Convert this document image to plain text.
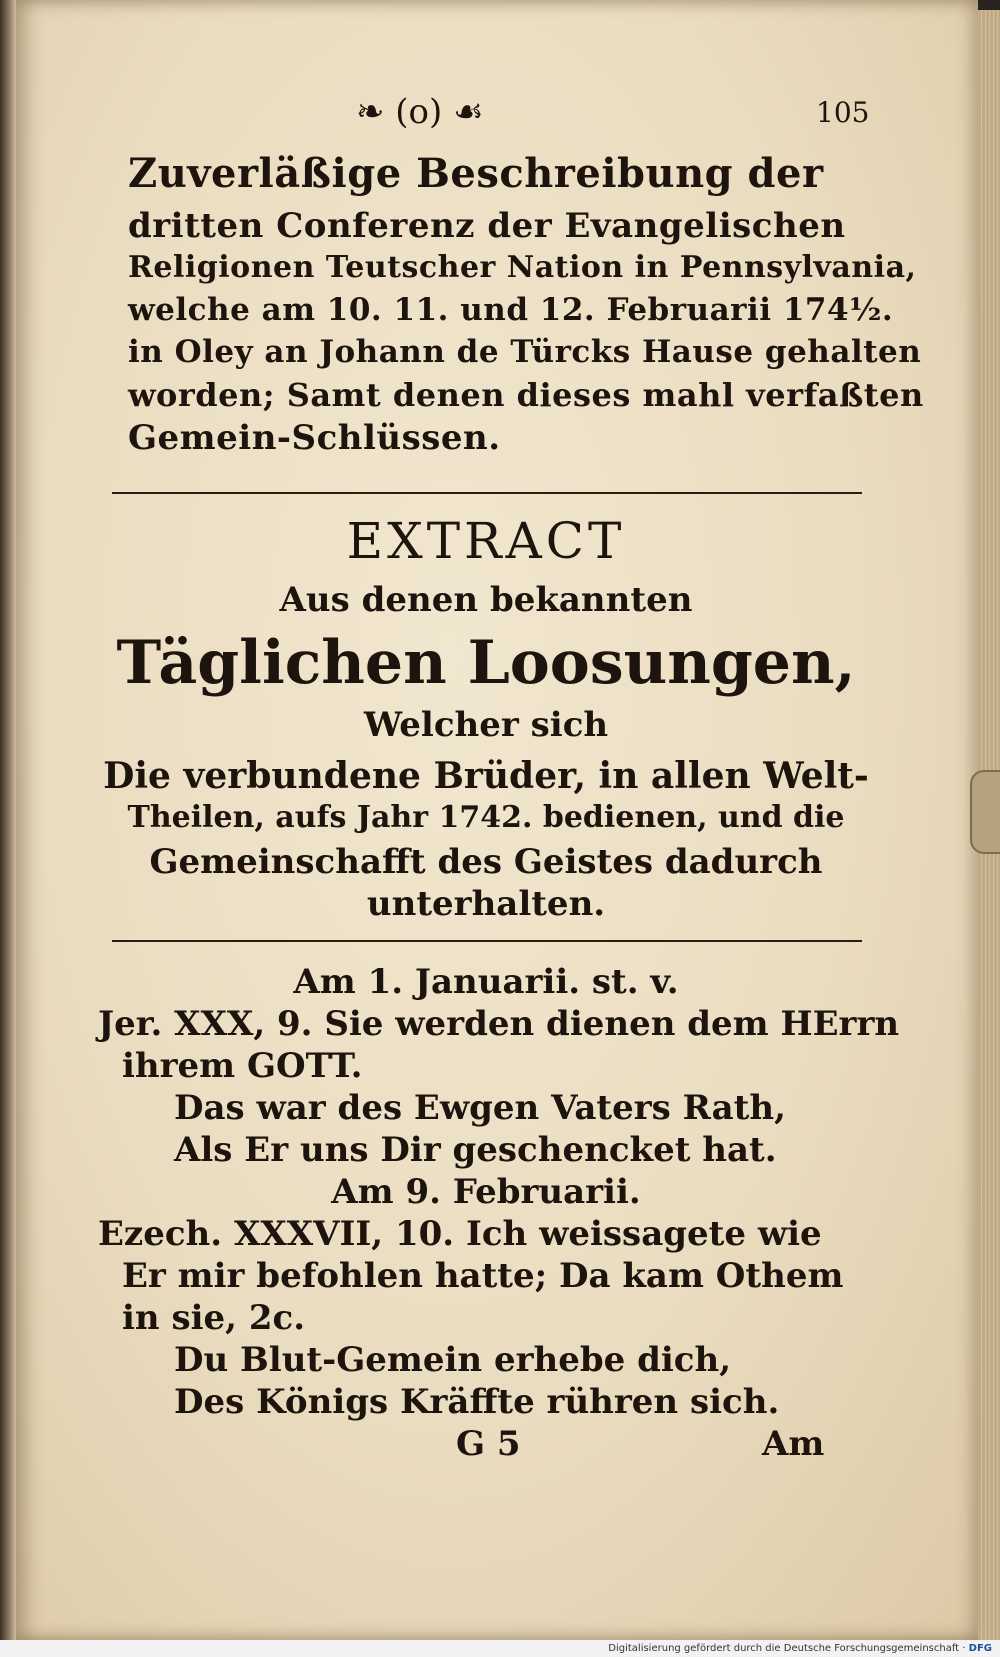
❧ (o) ☙	105

Zuverläßige Beschreibung der

dritten Conferenz der Evangelischen

Religionen Teutscher Nation in Pennsylvania,

welche am 10. 11. und 12. Februarii 174½.

in Oley an Johann de Türcks Hause gehalten

worden; Samt denen dieses mahl verfaßten

Gemein-Schlüssen.

EXTRACT

Aus denen bekannten

Täglichen Loosungen,

Welcher sich

Die verbundene Brüder, in allen Welt-

Theilen, aufs Jahr 1742. bedienen, und die

Gemeinschafft des Geistes dadurch

unterhalten.

Am 1. Januarii. st. v.

Jer. XXX, 9. Sie werden dienen dem HErrn

ihrem GOTT.

Das war des Ewgen Vaters Rath,

Als Er uns Dir geschencket hat.

Am 9. Februarii.

Ezech. XXXVII, 10. Ich weissagete wie

Er mir befohlen hatte; Da kam Othem

in sie, 2c.

Du Blut-Gemein erhebe dich,

Des Königs Kräffte rühren sich.

G 5	Am

Digitalisierung gefördert durch die Deutsche Forschungsgemeinschaft · DFG
